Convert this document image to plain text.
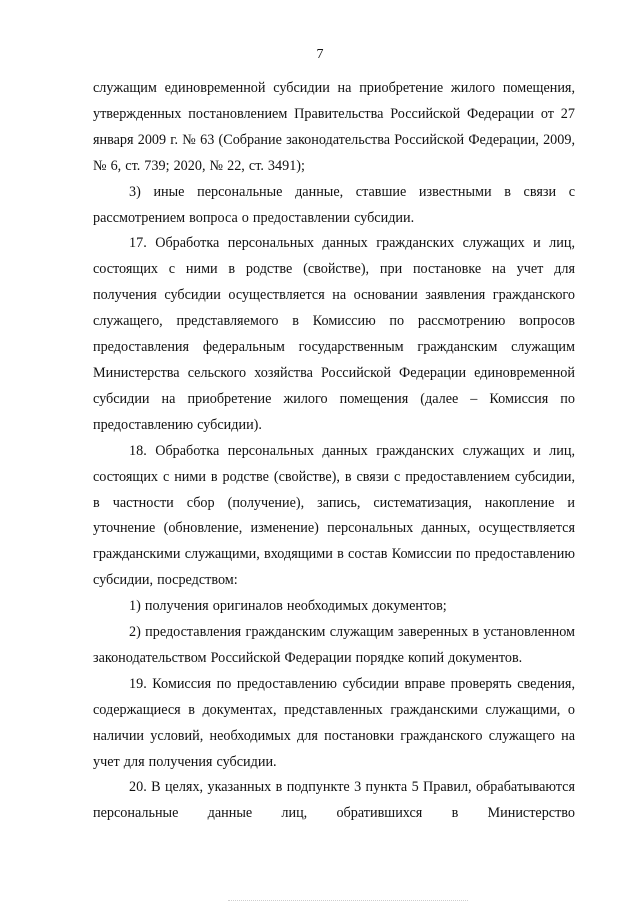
7

служащим единовременной субсидии на приобретение жилого помещения, утвержденных постановлением Правительства Российской Федерации от 27 января 2009 г. № 63 (Собрание законодательства Российской Федерации, 2009, № 6, ст. 739; 2020, № 22, ст. 3491);

3) иные персональные данные, ставшие известными в связи с рассмотрением вопроса о предоставлении субсидии.

17. Обработка персональных данных гражданских служащих и лиц, состоящих с ними в родстве (свойстве), при постановке на учет для получения субсидии осуществляется на основании заявления гражданского служащего, представляемого в Комиссию по рассмотрению вопросов предоставления федеральным государственным гражданским служащим Министерства сельского хозяйства Российской Федерации единовременной субсидии на приобретение жилого помещения (далее – Комиссия по предоставлению субсидии).

18. Обработка персональных данных гражданских служащих и лиц, состоящих с ними в родстве (свойстве), в связи с предоставлением субсидии, в частности сбор (получение), запись, систематизация, накопление и уточнение (обновление, изменение) персональных данных, осуществляется гражданскими служащими, входящими в состав Комиссии по предоставлению субсидии, посредством:

1) получения оригиналов необходимых документов;

2) предоставления гражданским служащим заверенных в установленном законодательством Российской Федерации порядке копий документов.

19. Комиссия по предоставлению субсидии вправе проверять сведения, содержащиеся в документах, представленных гражданскими служащими, о наличии условий, необходимых для постановки гражданского служащего на учет для получения субсидии.

20. В целях, указанных в подпункте 3 пункта 5 Правил, обрабатываются персональные данные лиц, обратившихся в Министерство
